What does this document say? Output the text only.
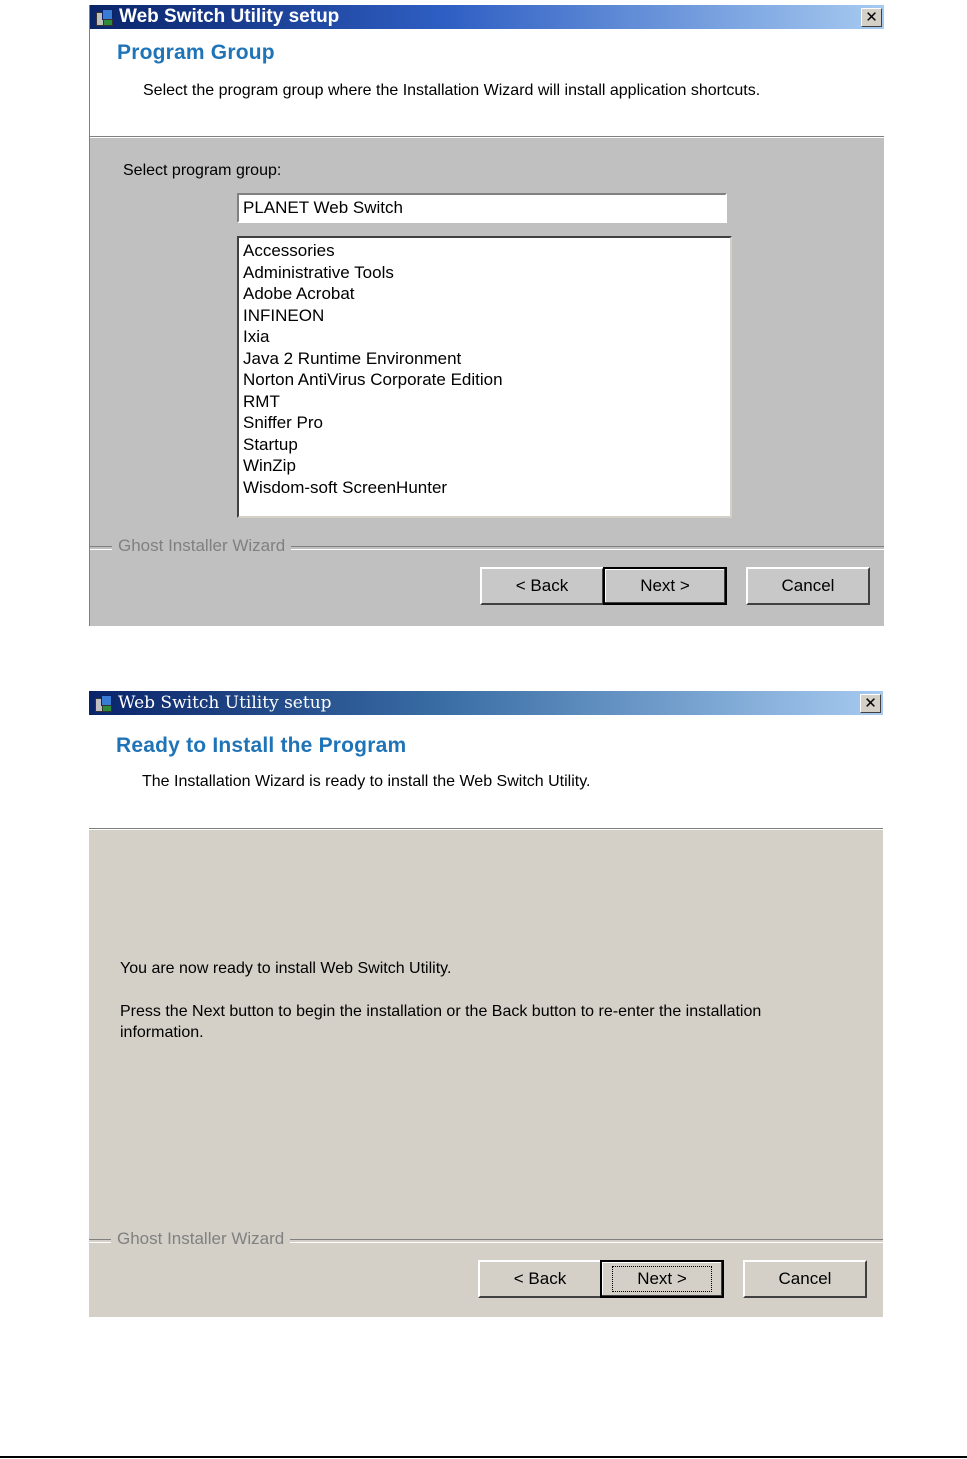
Web Switch Utility setup	✕
Program Group
Select the program group where the Installation Wizard will install application shortcuts.
Select program group:
PLANET Web Switch
Accessories
Administrative Tools
Adobe Acrobat
INFINEON
Ixia
Java 2 Runtime Environment
Norton AntiVirus Corporate Edition
RMT
Sniffer Pro
Startup
WinZip
Wisdom-soft ScreenHunter
Ghost Installer Wizard
< Back	Next >	Cancel
Web Switch Utility setup	✕
Ready to Install the Program
The Installation Wizard is ready to install the Web Switch Utility.
You are now ready to install Web Switch Utility.
Press the Next button to begin the installation or the Back button to re-enter the installation information.
Ghost Installer Wizard
< Back	Next >	Cancel
